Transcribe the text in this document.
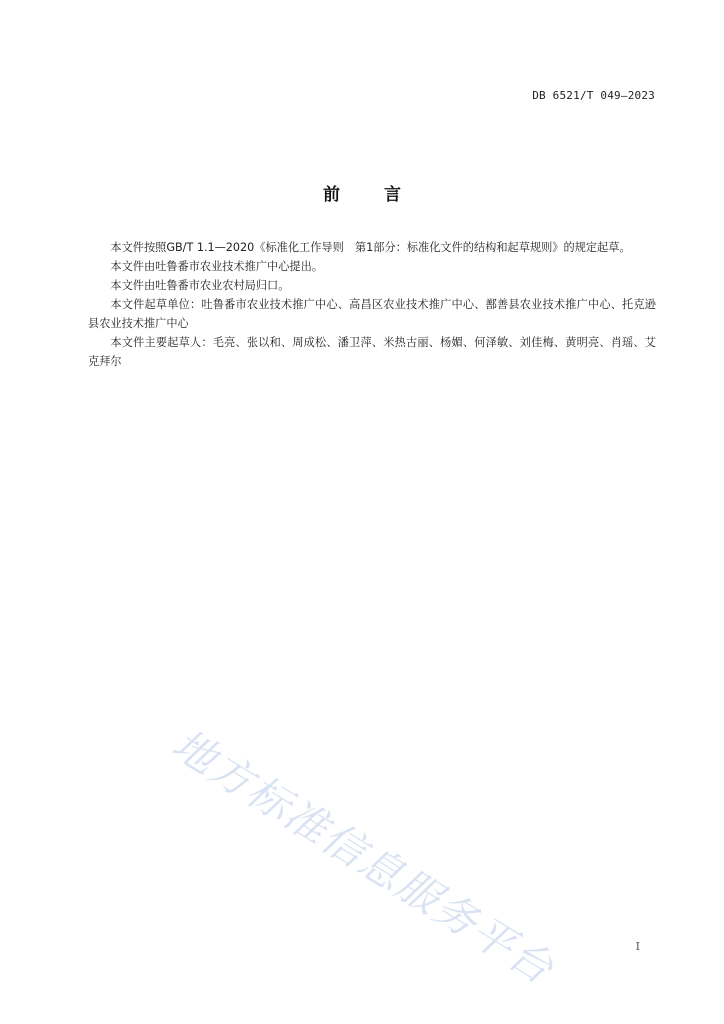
DB 6521/T 049—2023
前言

本文件按照GB/T 1.1—2020《标准化工作导则　第1部分：标准化文件的结构和起草规则》的规定起草。

本文件由吐鲁番市农业技术推广中心提出。

本文件由吐鲁番市农业农村局归口。

本文件起草单位：吐鲁番市农业技术推广中心、高昌区农业技术推广中心、鄯善县农业技术推广中心、托克逊县农业技术推广中心

本文件主要起草人：毛亮、张以和、周成松、潘卫萍、米热古丽、杨媚、何泽敏、刘佳梅、黄明亮、肖瑶、艾克拜尔

地方标准信息服务平台	I
